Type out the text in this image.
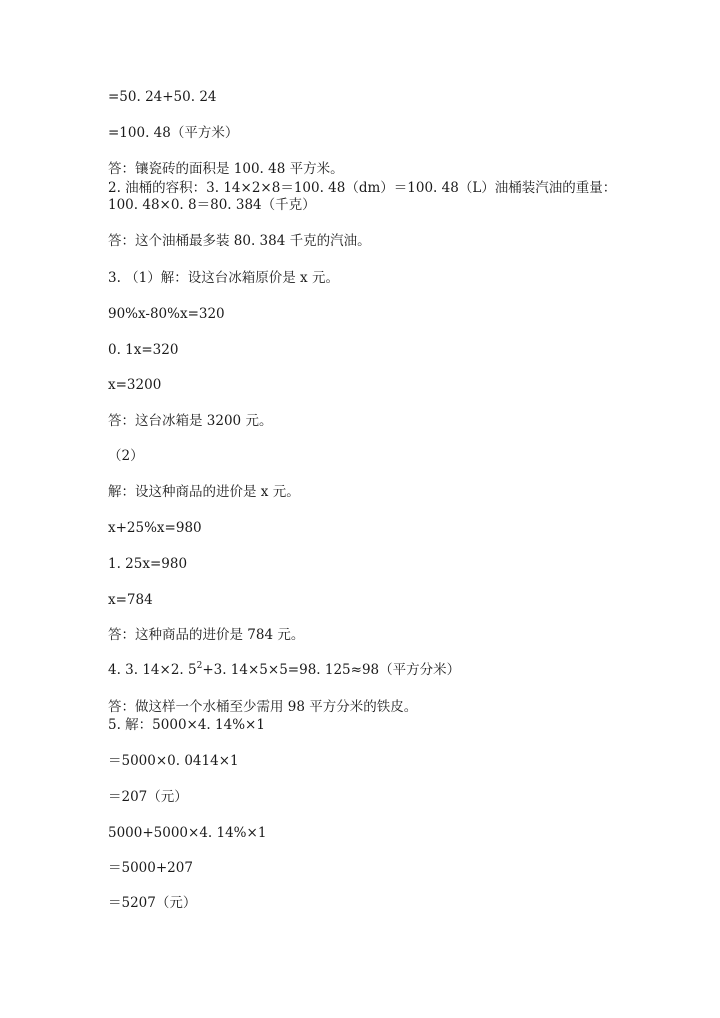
=50. 24+50. 24
=100. 48（平方米）
答：镶瓷砖的面积是 100. 48 平方米。
2. 油桶的容积：3. 14×2×8＝100. 48（dm）＝100. 48（L）油桶装汽油的重量：
100. 48×0. 8＝80. 384（千克）
答：这个油桶最多装 80. 384 千克的汽油。
3. （1）解：设这台冰箱原价是 x 元。
90%x-80%x=320
0. 1x=320
x=3200
答：这台冰箱是 3200 元。
（2）
解：设这种商品的进价是 x 元。
x+25%x=980
1. 25x=980
x=784
答：这种商品的进价是 784 元。
4. 3. 14×2. $5^2+3$. 14×5×5=98. 125≈98（平方分米）
答：做这样一个水桶至少需用 98 平方分米的铁皮。
5. 解：5000×4. 14%×1
＝5000×0. 0414×1
＝207（元）
5000+5000×4. 14%×1
＝5000+207
＝5207（元）
